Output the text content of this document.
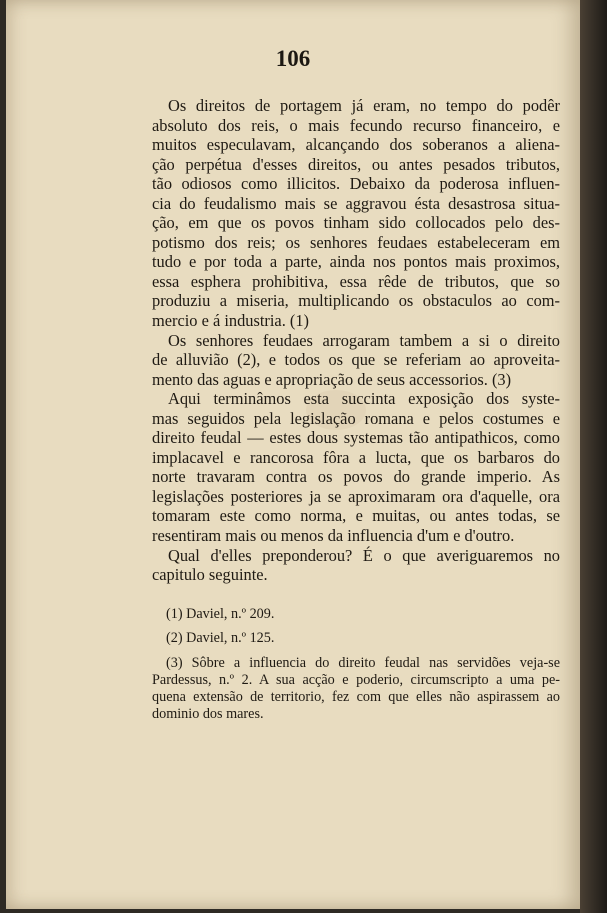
106
Os direitos de portagem já eram, no tempo do podêr
absoluto dos reis, o mais fecundo recurso financeiro, e
muitos especulavam, alcançando dos soberanos a aliena-
ção perpétua d'esses direitos, ou antes pesados tributos,
tão odiosos como illicitos. Debaixo da poderosa influen-
cia do feudalismo mais se aggravou ésta desastrosa situa-
ção, em que os povos tinham sido collocados pelo des-
potismo dos reis; os senhores feudaes estabeleceram em
tudo e por toda a parte, ainda nos pontos mais proximos,
essa esphera prohibitiva, essa rêde de tributos, que so
produziu a miseria, multiplicando os obstaculos ao com-
mercio e á industria. (1)
Os senhores feudaes arrogaram tambem a si o direito
de alluvião (2), e todos os que se referiam ao aproveita-
mento das aguas e apropriação de seus accessorios. (3)
Aqui terminâmos esta succinta exposição dos syste-
mas seguidos pela legislação romana e pelos costumes e
direito feudal — estes dous systemas tão antipathicos, como
implacavel e rancorosa fôra a lucta, que os barbaros do
norte travaram contra os povos do grande imperio. As
legislações posteriores ja se aproximaram ora d'aquelle, ora
tomaram este como norma, e muitas, ou antes todas, se
resentiram mais ou menos da influencia d'um e d'outro.
Qual d'elles preponderou? É o que averiguaremos no
capitulo seguinte.
(1) Daviel, n.º 209.
(2) Daviel, n.º 125.
(3) Sôbre a influencia do direito feudal nas servidões veja-se
Pardessus, n.º 2. A sua acção e poderio, circumscripto a uma pe-
quena extensão de territorio, fez com que elles não aspirassem ao
dominio dos mares.
